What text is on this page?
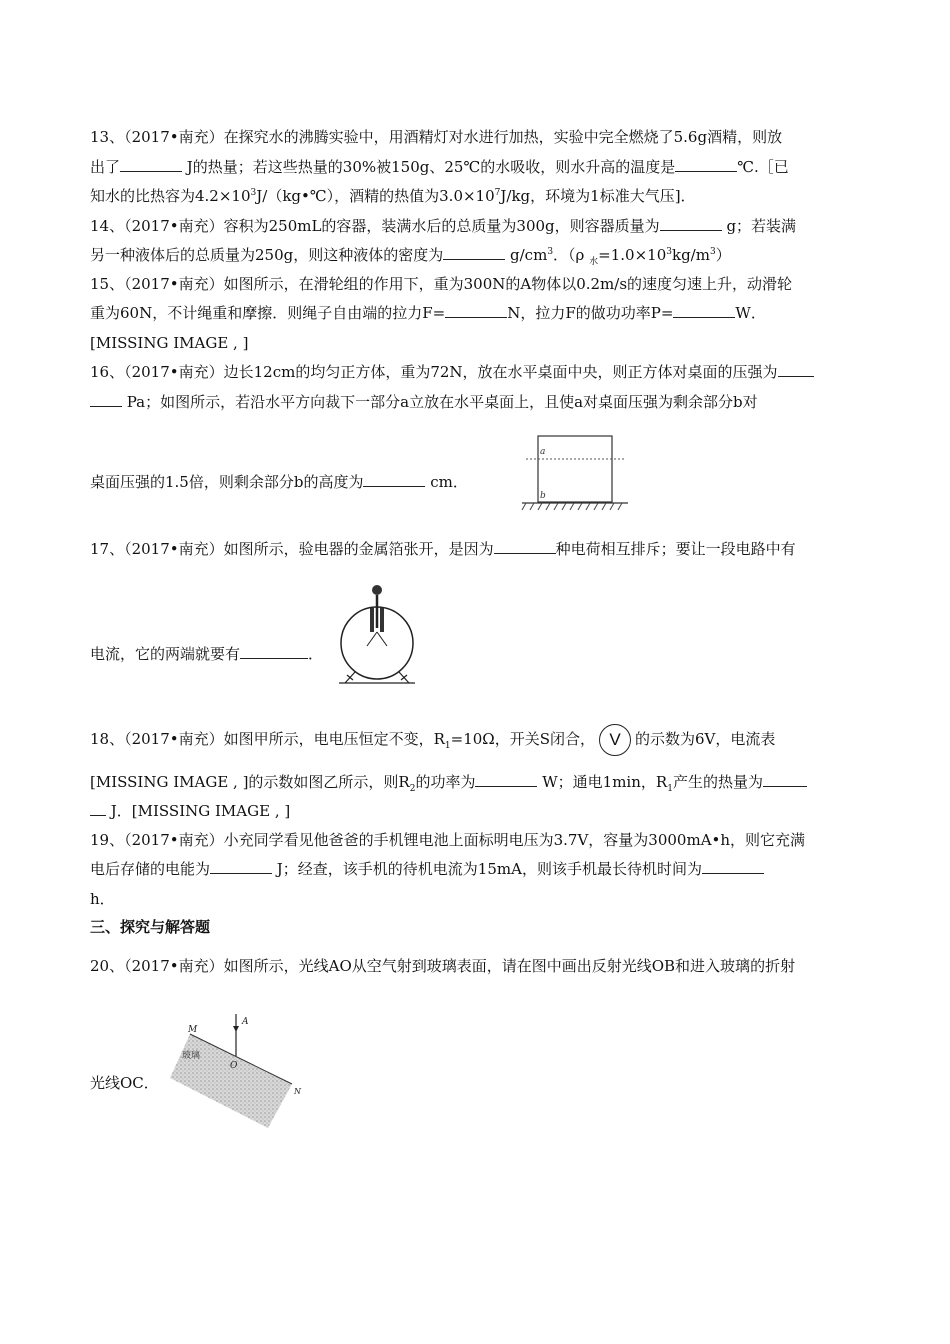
13、（2017•南充）在探究水的沸腾实验中，用酒精灯对水进行加热，实验中完全燃烧了5.6g酒精，则放
出了	J的热量；若这些热量的30%被150g、25℃的水吸收，则水升高的温度是	℃.［已
知水的比热容为$4.2\times 10^3J/(kg•℃)$，酒精的热值为$3.0\times 10^7J/kg$，环境为1标准大气压]．
14、（2017•南充）容积为250mL的容器，装满水后的总质量为300g，则容器质量为	g；若装满
另一种液体后的总质量为250g，则这种液体的密度为	$g/cm^3$．（ρ $_水=1.0\times 10^3kg/m^3$）
15、（2017•南充）如图所示，在滑轮组的作用下，重为300N的A物体以0.2m/s的速度匀速上升，动滑轮
重为60N，不计绳重和摩擦．则绳子自由端的拉力F=	N，拉力F的做功功率P=	W．
[MISSING IMAGE , ]
16、（2017•南充）边长12cm的均匀正方体，重为72N，放在水平桌面中央，则正方体对桌面的压强为
Pa；如图所示，若沿水平方向裁下一部分a立放在水平桌面上，且使a对桌面压强为剩余部分b对
桌面压强的1.5倍，则剩余部分b的高度为	cm．
a
b
17、（2017•南充）如图所示，验电器的金属箔张开，是因为	种电荷相互排斥；要让一段电路中有
电流，它的两端就要有	．
18、（2017•南充）如图甲所示，电电压恒定不变，$R_1=10\Omega$，开关S闭合， V 的示数为6V，电流表
[MISSING IMAGE , ]的示数如图乙所示，则$R_2$的功率为	W；通电1min，$R_1$产生的热量为
J．[MISSING IMAGE , ]
19、（2017•南充）小充同学看见他爸爸的手机锂电池上面标明电压为3.7V，容量为3000mA•h，则它充满
电后存储的电能为	J；经查，该手机的待机电流为15mA，则该手机最长待机时间为
h．
三、探究与解答题
20、（2017•南充）如图所示，光线AO从空气射到玻璃表面，请在图中画出反射光线OB和进入玻璃的折射
光线OC．
M
A
O
N
玻璃
